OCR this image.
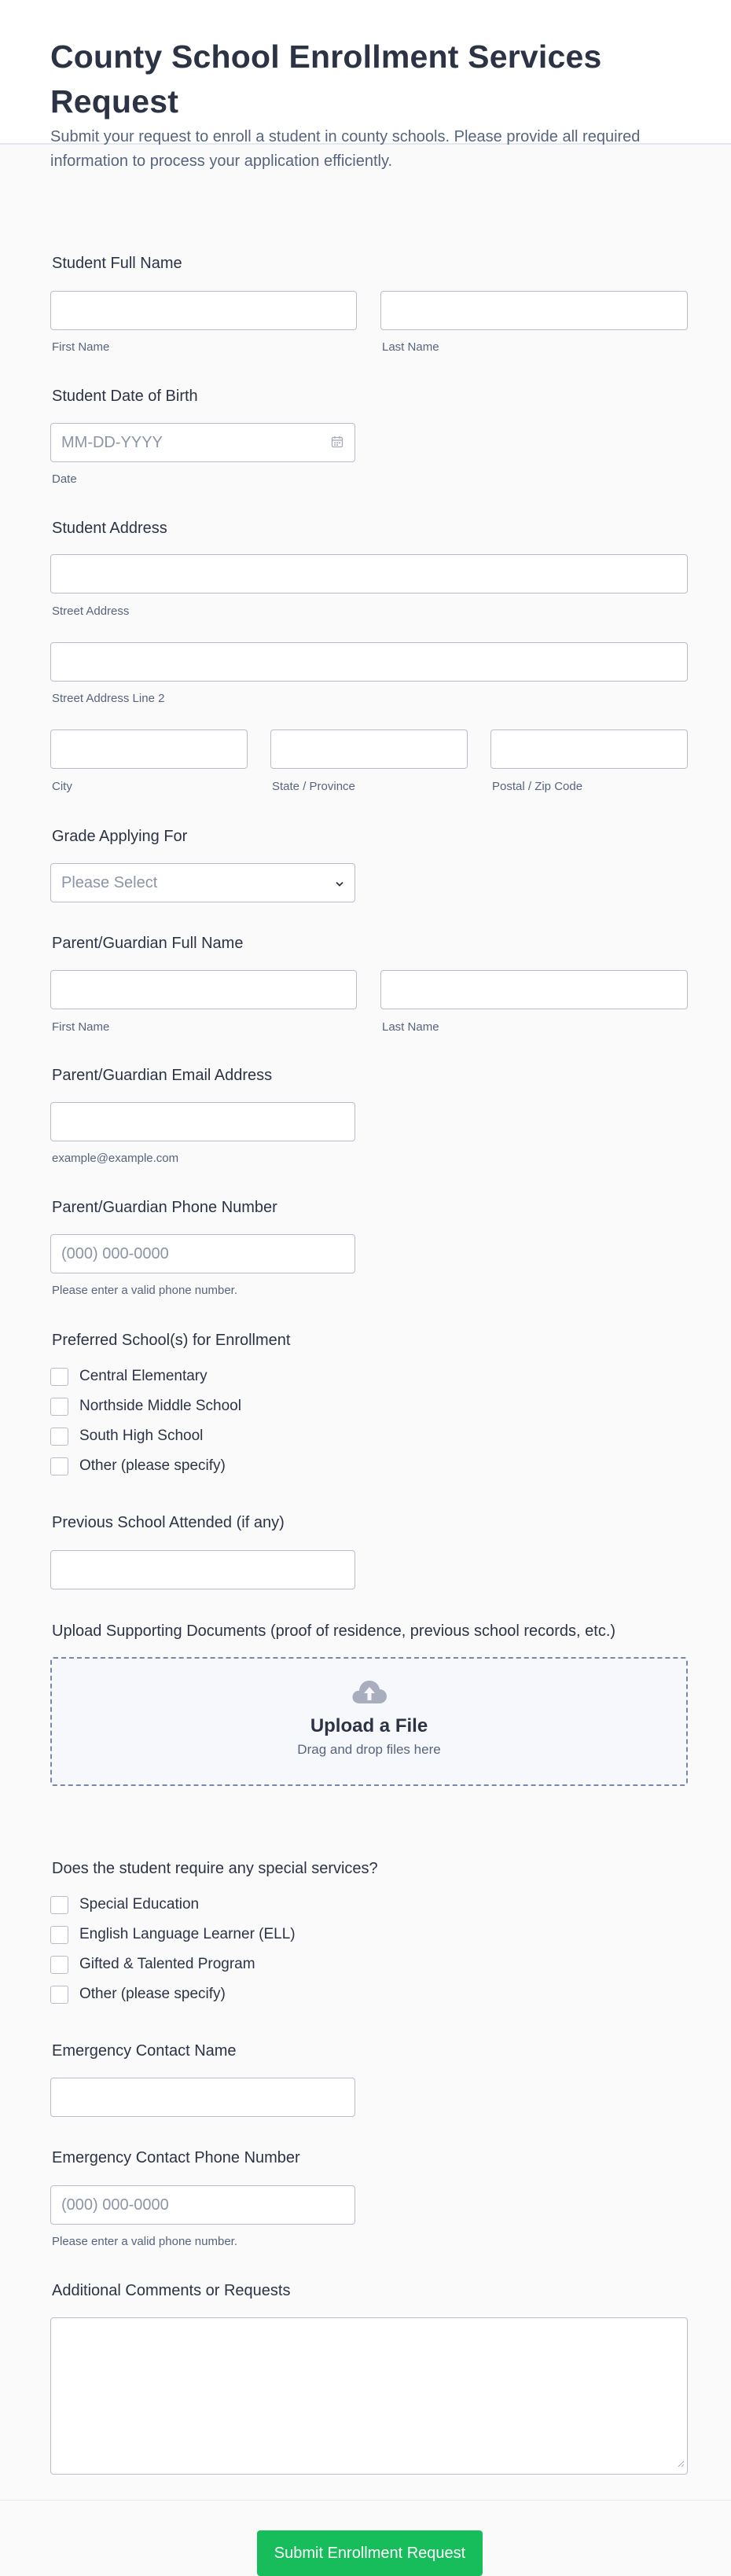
County School Enrollment Services Request

Submit your request to enroll a student in county schools. Please provide all required information to process your application efficiently.

Student Full Name
First Name	Last Name
Student Date of Birth
MM-DD-YYYY
Date
Student Address
Street Address
Street Address Line 2
City	State / Province	Postal / Zip Code
Grade Applying For
Please Select
Parent/Guardian Full Name
First Name	Last Name
Parent/Guardian Email Address
example@example.com
Parent/Guardian Phone Number
(000) 000-0000
Please enter a valid phone number.
Preferred School(s) for Enrollment
Central Elementary
Northside Middle School
South High School
Other (please specify)
Previous School Attended (if any)
Upload Supporting Documents (proof of residence, previous school records, etc.)
Upload a File
Drag and drop files here
Does the student require any special services?
Special Education
English Language Learner (ELL)
Gifted & Talented Program
Other (please specify)
Emergency Contact Name
Emergency Contact Phone Number
(000) 000-0000
Please enter a valid phone number.
Additional Comments or Requests
Submit Enrollment Request
